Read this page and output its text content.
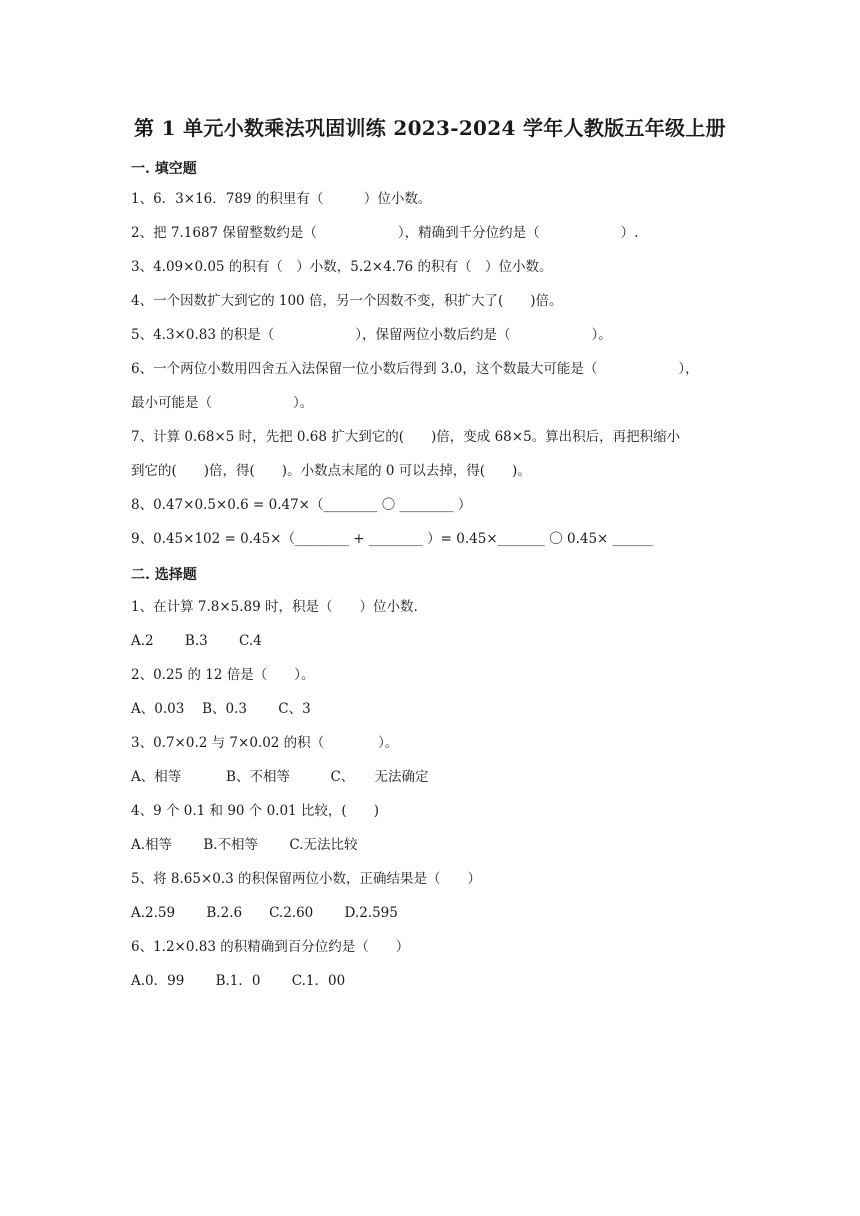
第 1 单元小数乘法巩固训练 2023-2024 学年人教版五年级上册
一. 填空题
1、6．3×16．789 的积里有（　　　）位小数。
2、把 7.1687 保留整数约是（　　　　　　），精确到千分位约是（　　　　　　）.
3、4.09×0.05 的积有（　）小数，5.2×4.76 的积有（　）位小数。
4、一个因数扩大到它的 100 倍，另一个因数不变，积扩大了(　　)倍。
5、4.3×0.83 的积是（　　　　　　），保留两位小数后约是（　　　　　　）。
6、一个两位小数用四舍五入法保留一位小数后得到 3.0，这个数最大可能是（　　　　　　），
最小可能是（　　　　　　）。
7、计算 0.68×5 时，先把 0.68 扩大到它的(　　)倍，变成 68×5。算出积后，再把积缩小
到它的(　　)倍，得(　　)。小数点末尾的 0 可以去掉，得(　　)。
8、0.47×0.5×0.6 = 0.47×（________ 〇 ________ ）
9、0.45×102 = 0.45×（________ + ________ ）= 0.45×_______ 〇 0.45× ______
二. 选择题
1、在计算 7.8×5.89 时，积是（　　）位小数.
A.2　　 B.3　　 C.4
2、0.25 的 12 倍是（　　）。
A、0.03　 B、0.3　　 C、3
3、0.7×0.2 与 7×0.02 的积（　　　　）。
A、相等　　　 B、不相等　　　C、　　无法确定
4、9 个 0.1 和 90 个 0.01 比较，(　　)
A.相等　　 B.不相等　　 C.无法比较
5、将 8.65×0.3 的积保留两位小数，正确结果是（　　）
A.2.59　　 B.2.6　　C.2.60　　 D.2.595
6、1.2×0.83 的积精确到百分位约是（　　）
A.0．99　　 B.1．0　　 C.1．00
